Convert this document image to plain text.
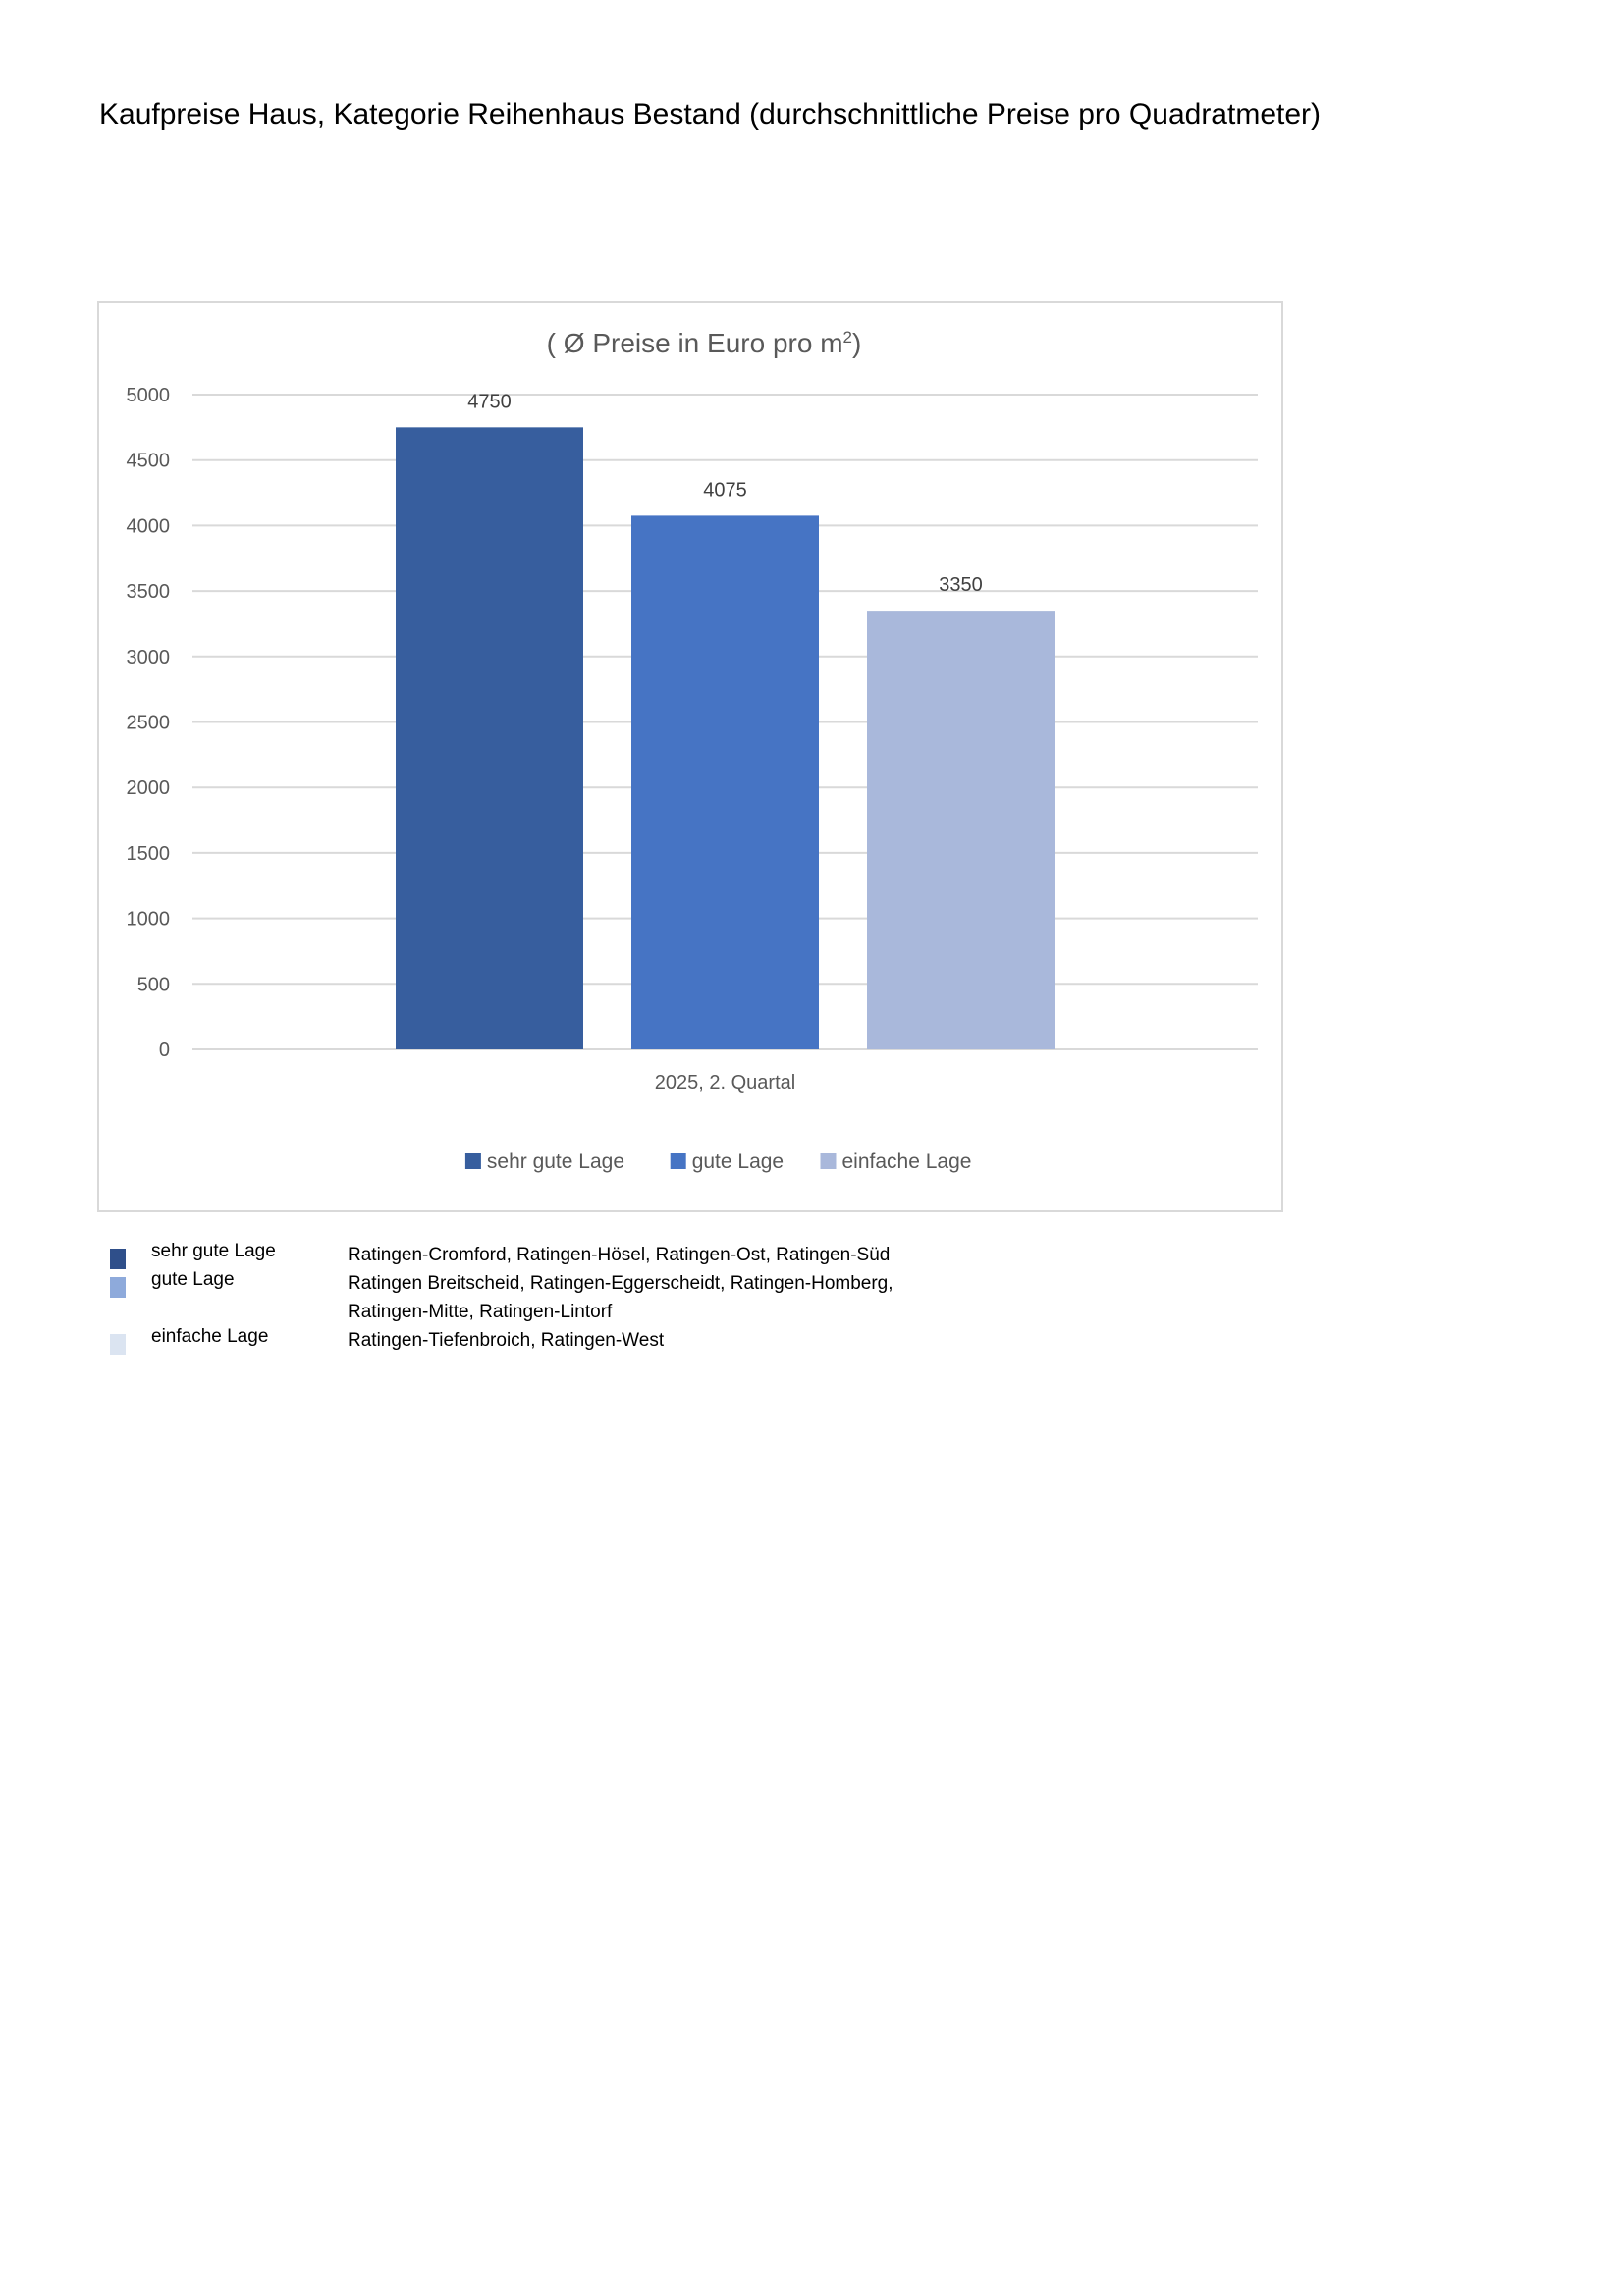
Kaufpreise Haus, Kategorie Reihenhaus Bestand (durchschnittliche Preise pro Quadratmeter)
( Ø Preise in Euro pro $m^2$)
0
500
1000
1500
2000
2500
3000
3500
4000
4500
5000	4750
4075
3350
2025, 2. Quartal
sehr gute Lage	gute Lage	einfache Lage
sehr gute Lage	Ratingen-Cromford, Ratingen-Hösel, Ratingen-Ost, Ratingen-Süd
gute Lage	Ratingen Breitscheid, Ratingen-Eggerscheidt, Ratingen-Homberg, Ratingen-Mitte, Ratingen-Lintorf
einfache Lage	Ratingen-Tiefenbroich, Ratingen-West
